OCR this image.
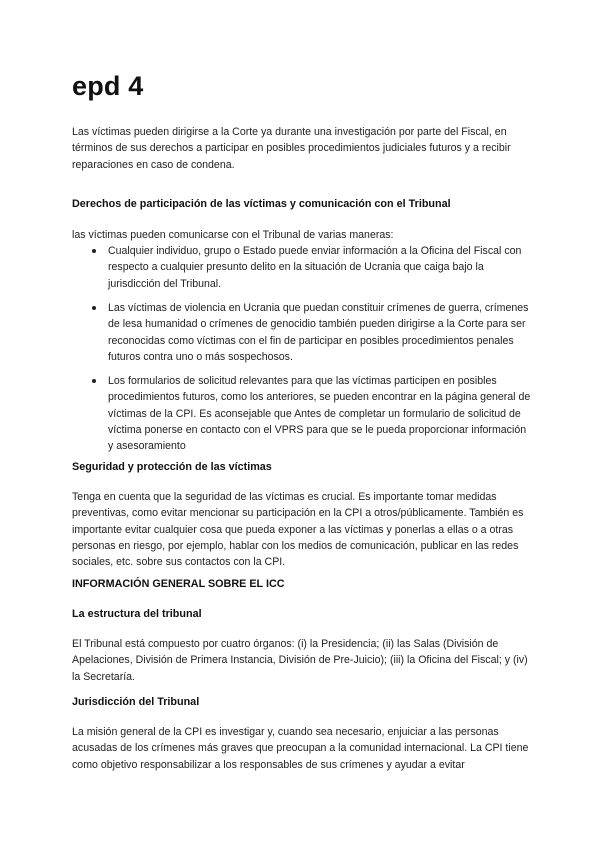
epd 4

Las víctimas pueden dirigirse a la Corte ya durante una investigación por parte del Fiscal, en términos de sus derechos a participar en posibles procedimientos judiciales futuros y a recibir reparaciones en caso de condena.

Derechos de participación de las víctimas y comunicación con el Tribunal

las víctimas pueden comunicarse con el Tribunal de varias maneras:

Cualquier individuo, grupo o Estado puede enviar información a la Oficina del Fiscal con respecto a cualquier presunto delito en la situación de Ucrania que caiga bajo la jurisdicción del Tribunal.
Las víctimas de violencia en Ucrania que puedan constituir crímenes de guerra, crímenes de lesa humanidad o crímenes de genocidio también pueden dirigirse a la Corte para ser reconocidas como víctimas con el fin de participar en posibles procedimientos penales futuros contra uno o más sospechosos.
Los formularios de solicitud relevantes para que las víctimas participen en posibles procedimientos futuros, como los anteriores, se pueden encontrar en la página general de víctimas de la CPI. Es aconsejable que Antes de completar un formulario de solicitud de víctima ponerse en contacto con el VPRS para que se le pueda proporcionar información y asesoramiento
Seguridad y protección de las víctimas

Tenga en cuenta que la seguridad de las víctimas es crucial. Es importante tomar medidas preventivas, como evitar mencionar su participación en la CPI a otros/públicamente. También es importante evitar cualquier cosa que pueda exponer a las víctimas y ponerlas a ellas o a otras personas en riesgo, por ejemplo, hablar con los medios de comunicación, publicar en las redes sociales, etc. sobre sus contactos con la CPI.

INFORMACIÓN GENERAL SOBRE EL ICC
La estructura del tribunal

El Tribunal está compuesto por cuatro órganos: (i) la Presidencia; (ii) las Salas (División de Apelaciones, División de Primera Instancia, División de Pre-Juicio); (iii) la Oficina del Fiscal; y (iv) la Secretaría.

Jurisdicción del Tribunal

La misión general de la CPI es investigar y, cuando sea necesario, enjuiciar a las personas acusadas de los crímenes más graves que preocupan a la comunidad internacional. La CPI tiene como objetivo responsabilizar a los responsables de sus crímenes y ayudar a evitar
